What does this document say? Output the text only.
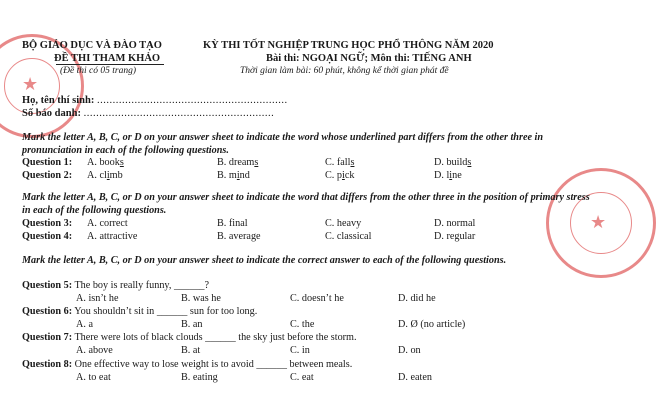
★
★
BỘ GIÁO DỤC VÀ ĐÀO TẠO
ĐỀ THI THAM KHẢO
(Đề thi có 05 trang)
KỲ THI TỐT NGHIỆP TRUNG HỌC PHỔ THÔNG NĂM 2020
Bài thi: NGOẠI NGỮ; Môn thi: TIẾNG ANH
Thời gian làm bài: 60 phút, không kể thời gian phát đề
Họ, tên thí sinh: .............................................................
Số báo danh: .............................................................
Mark the letter A, B, C, or D on your answer sheet to indicate the word whose underlined part differs from the other three in pronunciation in each of the following questions.
Question 1: A. books	B. dreams	C. falls	D. builds
Question 2: A. climb	B. mind	C. pick	D. line
Mark the letter A, B, C, or D on your answer sheet to indicate the word that differs from the other three in the position of primary stress in each of the following questions.
Question 3: A. correct	B. final	C. heavy	D. normal
Question 4: A. attractive	B. average	C. classical	D. regular
Mark the letter A, B, C, or D on your answer sheet to indicate the correct answer to each of the following questions.
Question 5: The boy is really funny, ______?
A. isn’t he	B. was he	C. doesn’t he	D. did he
Question 6: You shouldn’t sit in ______ sun for too long.
A. a	B. an	C. the	D. Ø (no article)
Question 7: There were lots of black clouds ______ the sky just before the storm.
A. above	B. at	C. in	D. on
Question 8: One effective way to lose weight is to avoid ______ between meals.
A. to eat	B. eating	C. eat	D. eaten
